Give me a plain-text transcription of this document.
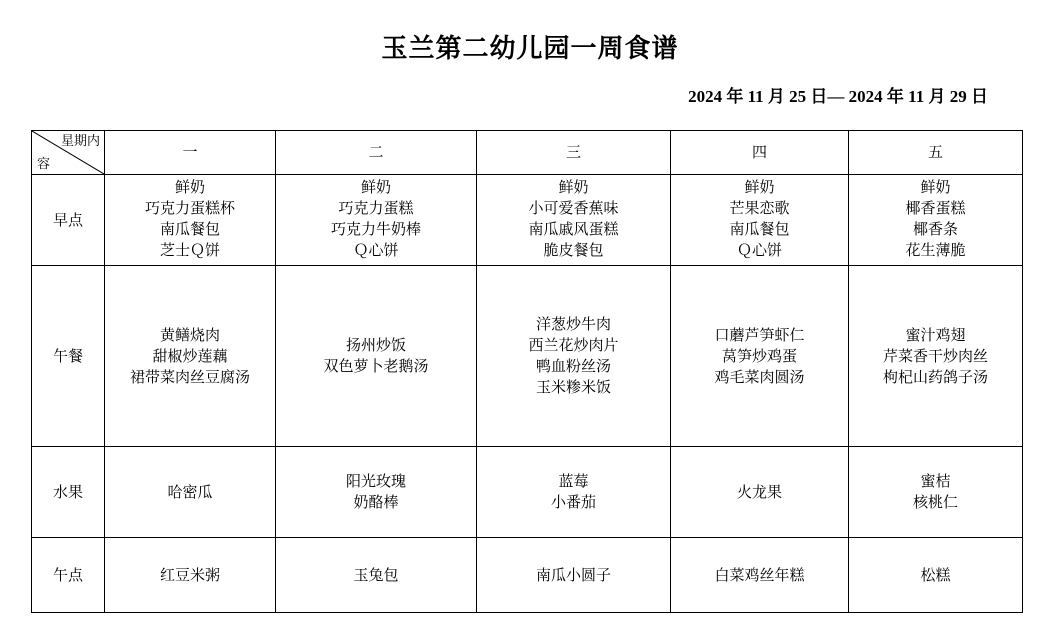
玉兰第二幼儿园一周食谱
2024 年 11 月 25 日— 2024 年 11 月 29 日
星期内
容	一	二	三	四	五
早点	鲜奶
巧克力蛋糕杯
南瓜餐包
芝士Ｑ饼	鲜奶
巧克力蛋糕
巧克力牛奶棒
Ｑ心饼	鲜奶
小可爱香蕉味
南瓜戚风蛋糕
脆皮餐包	鲜奶
芒果恋歌
南瓜餐包
Ｑ心饼	鲜奶
椰香蛋糕
椰香条
花生薄脆

午餐	黄鳝烧肉
甜椒炒莲藕
裙带菜肉丝豆腐汤	扬州炒饭
双色萝卜老鹅汤	洋葱炒牛肉
西兰花炒肉片
鸭血粉丝汤
玉米糁米饭	口蘑芦笋虾仁
莴笋炒鸡蛋
鸡毛菜肉圆汤	蜜汁鸡翅
芹菜香干炒肉丝
枸杞山药鸽子汤

水果	哈密瓜	阳光玫瑰
奶酪棒	蓝莓
小番茄	火龙果	蜜桔
核桃仁

午点	红豆米粥	玉兔包	南瓜小圆子	白菜鸡丝年糕	松糕
